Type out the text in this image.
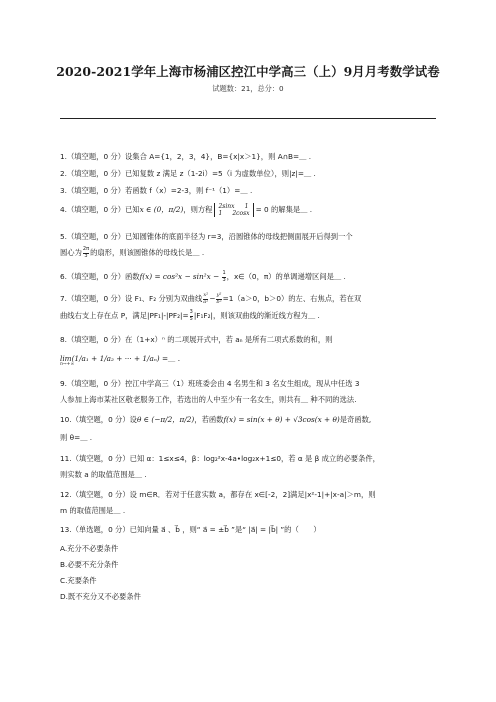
2020-2021学年上海市杨浦区控江中学高三（上）9月月考数学试卷
试题数：21，总分：0
1.（填空题，0 分）设集合 A={1，2，3，4}，B={x|x＞1}，则 A∩B=＿ .
2.（填空题，0 分）已知复数 z 满足 z（1-2i）=5（i 为虚数单位），则|z|=＿ .
3.（填空题，0 分）若函数 f（x）=2-3，则 f⁻¹（1）=＿ .
4.（填空题，0 分）已知x ∈ (0，π/2)，则方程 2sinx 1
1 2cosx = 0 的解集是＿ .
5.（填空题，0 分）已知圆锥体的底面半径为 r=3，沿圆锥体的母线把侧面展开后得到一个
圆心为 $\frac{2\pi}{3}$ 的扇形，则该圆锥体的母线长是＿ .
6.（填空题，0 分）函数$f(x) = \cos^2x - \sin^2x - \frac{1}{3}$ ，x∈（0，π）的单调递增区间是＿ .
7.（填空题，0 分）设 F₁、F₂ 分别为双曲线 $\frac{\text{x²}}{\text{a²}} - \frac{\text{y²}}{\text{b²}} =1(a>0$，b＞0）的左、右焦点，若在双
曲线右支上存在点 P，满足$|PF_1|-|PF_2|= \frac{3}{5} |F_1F_2|$，则该双曲线的渐近线方程为＿ .
8.（填空题，0 分）在（1+x）ⁿ 的二项展开式中，若 aₙ 是所有二项式系数的和，则
lim(1/a₁ + 1/a₂ + ··· + 1/aₙ) =＿ .
n→+∞
9.（填空题，0 分）控江中学高三（1）班班委会由 4 名男生和 3 名女生组成，现从中任选 3
人参加上海市某社区敬老服务工作，若选出的人中至少有一名女生，则共有＿ 种不同的选法.
10.（填空题，0 分）设θ ∈ (−π/2，π/2)，若函数f(x) = sin(x + θ) + √3cos(x + θ)是奇函数,
则 θ=＿ .
11.（填空题，0 分）已知 α：1≤x≤4，β：log₂²x-4a•log₂x+1≤0，若 α 是 β 成立的必要条件，
则实数 a 的取值范围是＿ .
12.（填空题，0 分）设 m∈R．若对于任意实数 a，都存在 x∈[-2，2]满足|x²-1|+|x-a|＞m，则
m 的取值范围是＿ .
13.（单选题，0 分）已知向量 a⃗ 、b⃗ ，则“ a⃗ = ±b⃗ ”是“ |a⃗| = |b⃗| ”的（　　）
A.充分不必要条件
B.必要不充分条件
C.充要条件
D.既不充分又不必要条件
